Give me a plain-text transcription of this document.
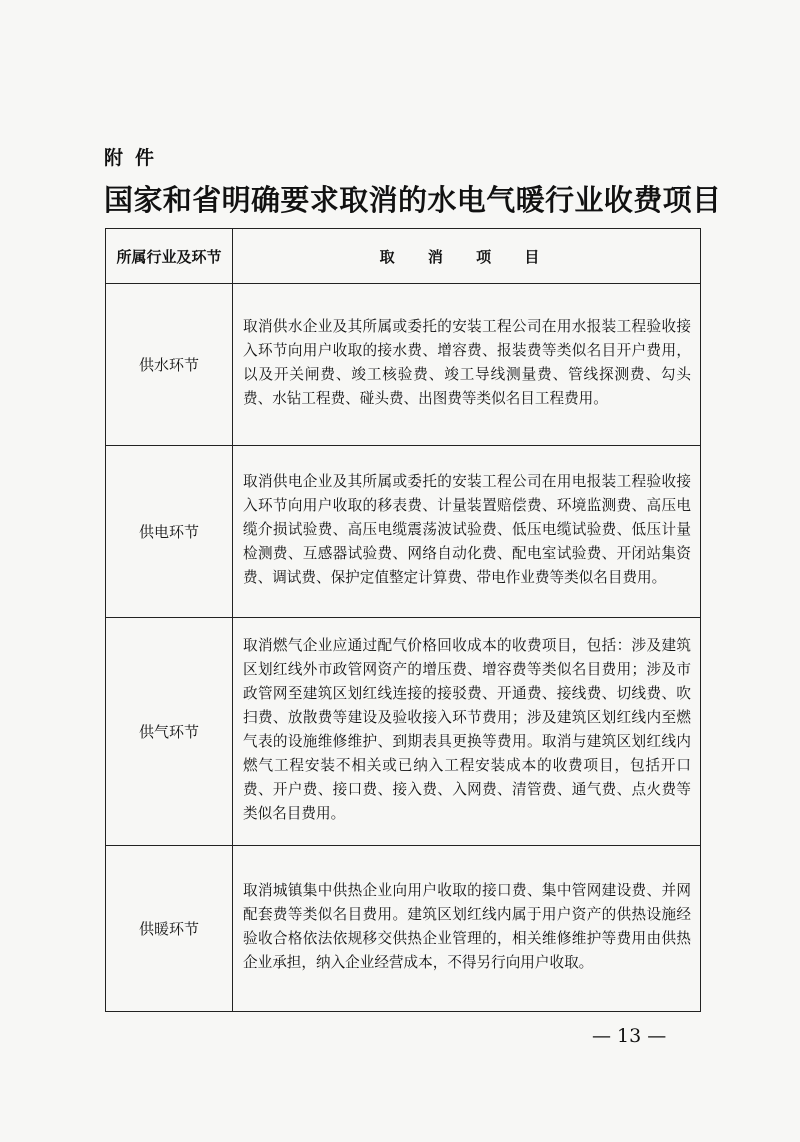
附件
国家和省明确要求取消的水电气暖行业收费项目
所属行业及环节	取 消 项 目
供水环节	取消供水企业及其所属或委托的安装工程公司在用水报装工程验收接入环节向用户收取的接水费、增容费、报装费等类似名目开户费用，以及开关闸费、竣工核验费、竣工导线测量费、管线探测费、勾头费、水钻工程费、碰头费、出图费等类似名目工程费用。
供电环节	取消供电企业及其所属或委托的安装工程公司在用电报装工程验收接入环节向用户收取的移表费、计量装置赔偿费、环境监测费、高压电缆介损试验费、高压电缆震荡波试验费、低压电缆试验费、低压计量检测费、互感器试验费、网络自动化费、配电室试验费、开闭站集资费、调试费、保护定值整定计算费、带电作业费等类似名目费用。
供气环节	取消燃气企业应通过配气价格回收成本的收费项目，包括：涉及建筑区划红线外市政管网资产的增压费、增容费等类似名目费用；涉及市政管网至建筑区划红线连接的接驳费、开通费、接线费、切线费、吹扫费、放散费等建设及验收接入环节费用；涉及建筑区划红线内至燃气表的设施维修维护、到期表具更换等费用。取消与建筑区划红线内燃气工程安装不相关或已纳入工程安装成本的收费项目，包括开口费、开户费、接口费、接入费、入网费、清管费、通气费、点火费等类似名目费用。
供暖环节	取消城镇集中供热企业向用户收取的接口费、集中管网建设费、并网配套费等类似名目费用。建筑区划红线内属于用户资产的供热设施经验收合格依法依规移交供热企业管理的，相关维修维护等费用由供热企业承担，纳入企业经营成本，不得另行向用户收取。
— 13 —
